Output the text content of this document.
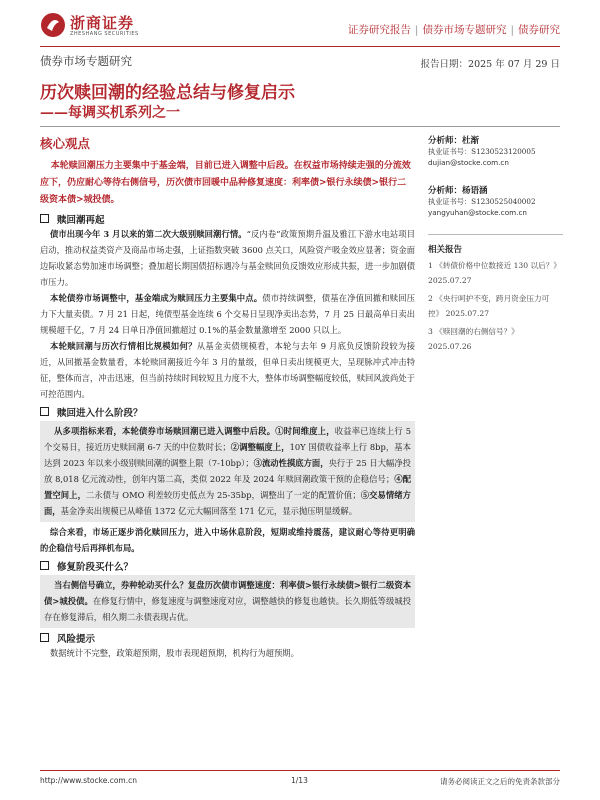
浙商证券
ZHESHANG SECURITIES	证券研究报告 | 债券市场专题研究 | 债券研究
债券市场专题研究	报告日期：2025 年 07 月 29 日
历次赎回潮的经验总结与修复启示
——每调买机系列之一
核心观点
本轮赎回潮压力主要集中于基金端，目前已进入调整中后段。在权益市场持续走强的分流效应下，仍应耐心等待右侧信号，历次债市回暖中品种修复速度：利率债>银行永续债>银行二级资本债>城投债。
赎回潮再起

债市出现今年 3 月以来的第二次大级别赎回潮行情。“反内卷”政策预期升温及雅江下游水电站项目启动，推动权益类资产及商品市场走强，上证指数突破 3600 点关口，风险资产吸金效应显著；资金面边际收紧态势加速市场调整；叠加超长期国债招标遇冷与基金赎回负反馈效应形成共振，进一步加剧债市压力。

本轮债券市场调整中，基金端成为赎回压力主要集中点。债市持续调整，债基在净值回撤和赎回压力下大量卖债。7 月 21 日起，纯债型基金连续 6 个交易日呈现净卖出态势，7 月 25 日最高单日卖出规模超千亿，7 月 24 日单日净值回撤超过 0.1%的基金数量激增至 2000 只以上。

本轮赎回潮与历次行情相比规模如何？从基金卖债规模看，本轮与去年 9 月底负反馈阶段较为接近，从回撤基金数量看，本轮赎回潮接近今年 3 月的量级，但单日卖出规模更大，呈现脉冲式冲击特征，整体而言，冲击迅速，但当前持续时间较短且力度不大，整体市场调整幅度较低，赎回风波尚处于可控范围内。

赎回进入什么阶段？

从多项指标来看，本轮债券市场赎回潮已进入调整中后段。①时间维度上，收益率已连续上行 5 个交易日，接近历史赎回潮 6-7 天的中位数时长；②调整幅度上，10Y 国债收益率上行 8bp，基本达到 2023 年以来小级别赎回潮的调整上限（7-10bp）；③流动性摸底方面，央行于 25 日大幅净投放 8,018 亿元流动性，创年内第二高，类似 2022 年及 2024 年赎回潮政策干预的企稳信号；④配置空间上，二永债与 OMO 利差较历史低点为 25-35bp，调整出了一定的配置价值；⑤交易情绪方面，基金净卖出规模已从峰值 1372 亿元大幅回落至 171 亿元，显示抛压明显缓解。

综合来看，市场正逐步消化赎回压力，进入中场休息阶段，短期或维持震荡，建议耐心等待更明确的企稳信号后再择机布局。

修复阶段买什么？

当右侧信号确立，券种轮动买什么？复盘历次债市调整速度：利率债>银行永续债>银行二级资本债>城投债。在修复行情中，修复速度与调整速度对应，调整越快的修复也越快。长久期低等级城投存在修复滞后，相久期二永债表现占优。

风险提示

数据统计不完整，政策超预期，股市表现超预期，机构行为超预期。

分析师：杜渐
执业证书号：S1230523120005
dujian@stocke.com.cn
分析师：杨语涵
执业证书号：S1230525040002
yangyuhan@stocke.com.cn
相关报告
1 《转债价格中位数接近 130 以后？》 2025.07.27
2 《央行呵护不变，跨月资金压力可控》 2025.07.27
3 《赎回潮的右侧信号？》 2025.07.26
http://www.stocke.com.cn	1/13	请务必阅读正文之后的免责条款部分
